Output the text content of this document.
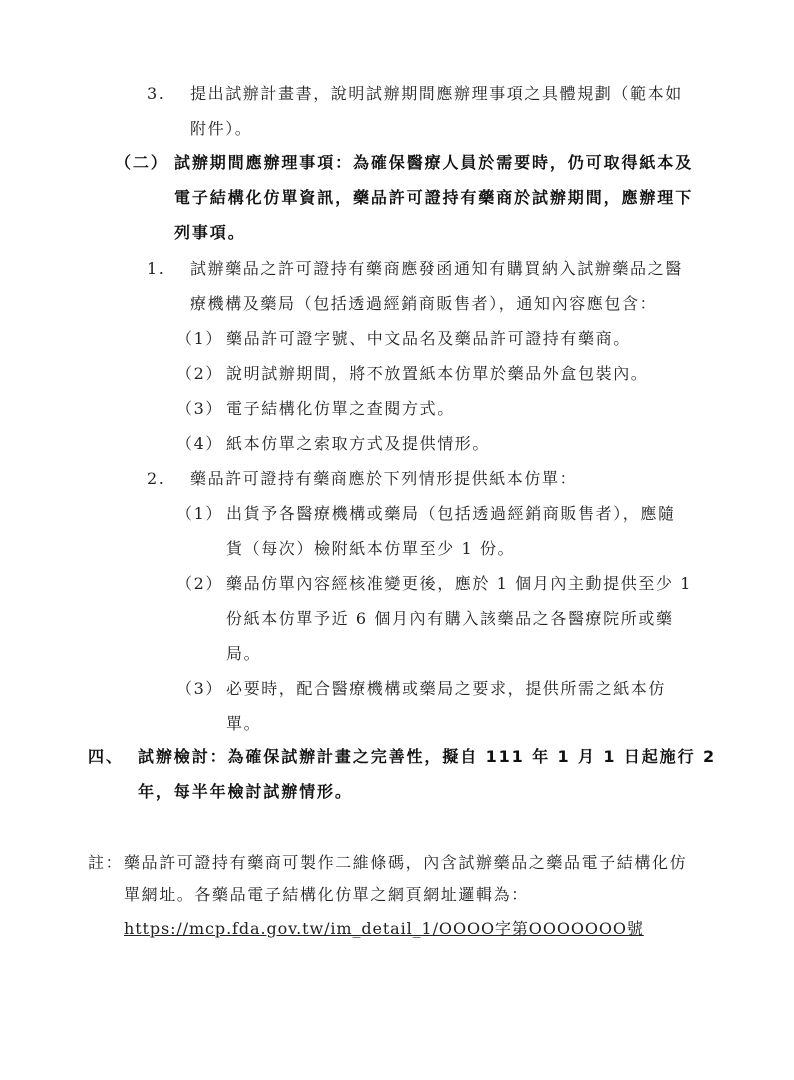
3. 提出試辦計畫書，說明試辦期間應辦理事項之具體規劃（範本如
附件）。
（二） 試辦期間應辦理事項：為確保醫療人員於需要時，仍可取得紙本及
電子結構化仿單資訊，藥品許可證持有藥商於試辦期間，應辦理下
列事項。
1. 試辦藥品之許可證持有藥商應發函通知有購買納入試辦藥品之醫
療機構及藥局（包括透過經銷商販售者），通知內容應包含：
（1） 藥品許可證字號、中文品名及藥品許可證持有藥商。
（2） 說明試辦期間，將不放置紙本仿單於藥品外盒包裝內。
（3） 電子結構化仿單之查閱方式。
（4） 紙本仿單之索取方式及提供情形。
2. 藥品許可證持有藥商應於下列情形提供紙本仿單：
（1） 出貨予各醫療機構或藥局（包括透過經銷商販售者），應隨
貨（每次）檢附紙本仿單至少 1 份。
（2） 藥品仿單內容經核准變更後，應於 1 個月內主動提供至少 1
份紙本仿單予近 6 個月內有購入該藥品之各醫療院所或藥
局。
（3） 必要時，配合醫療機構或藥局之要求，提供所需之紙本仿
單。
四、 試辦檢討：為確保試辦計畫之完善性，擬自 111 年 1 月 1 日起施行 2
年，每半年檢討試辦情形。
註： 藥品許可證持有藥商可製作二維條碼，內含試辦藥品之藥品電子結構化仿
單網址。各藥品電子結構化仿單之網頁網址邏輯為：
https://mcp.fda.gov.tw/im_detail_1/OOOO字第OOOOOOO號
